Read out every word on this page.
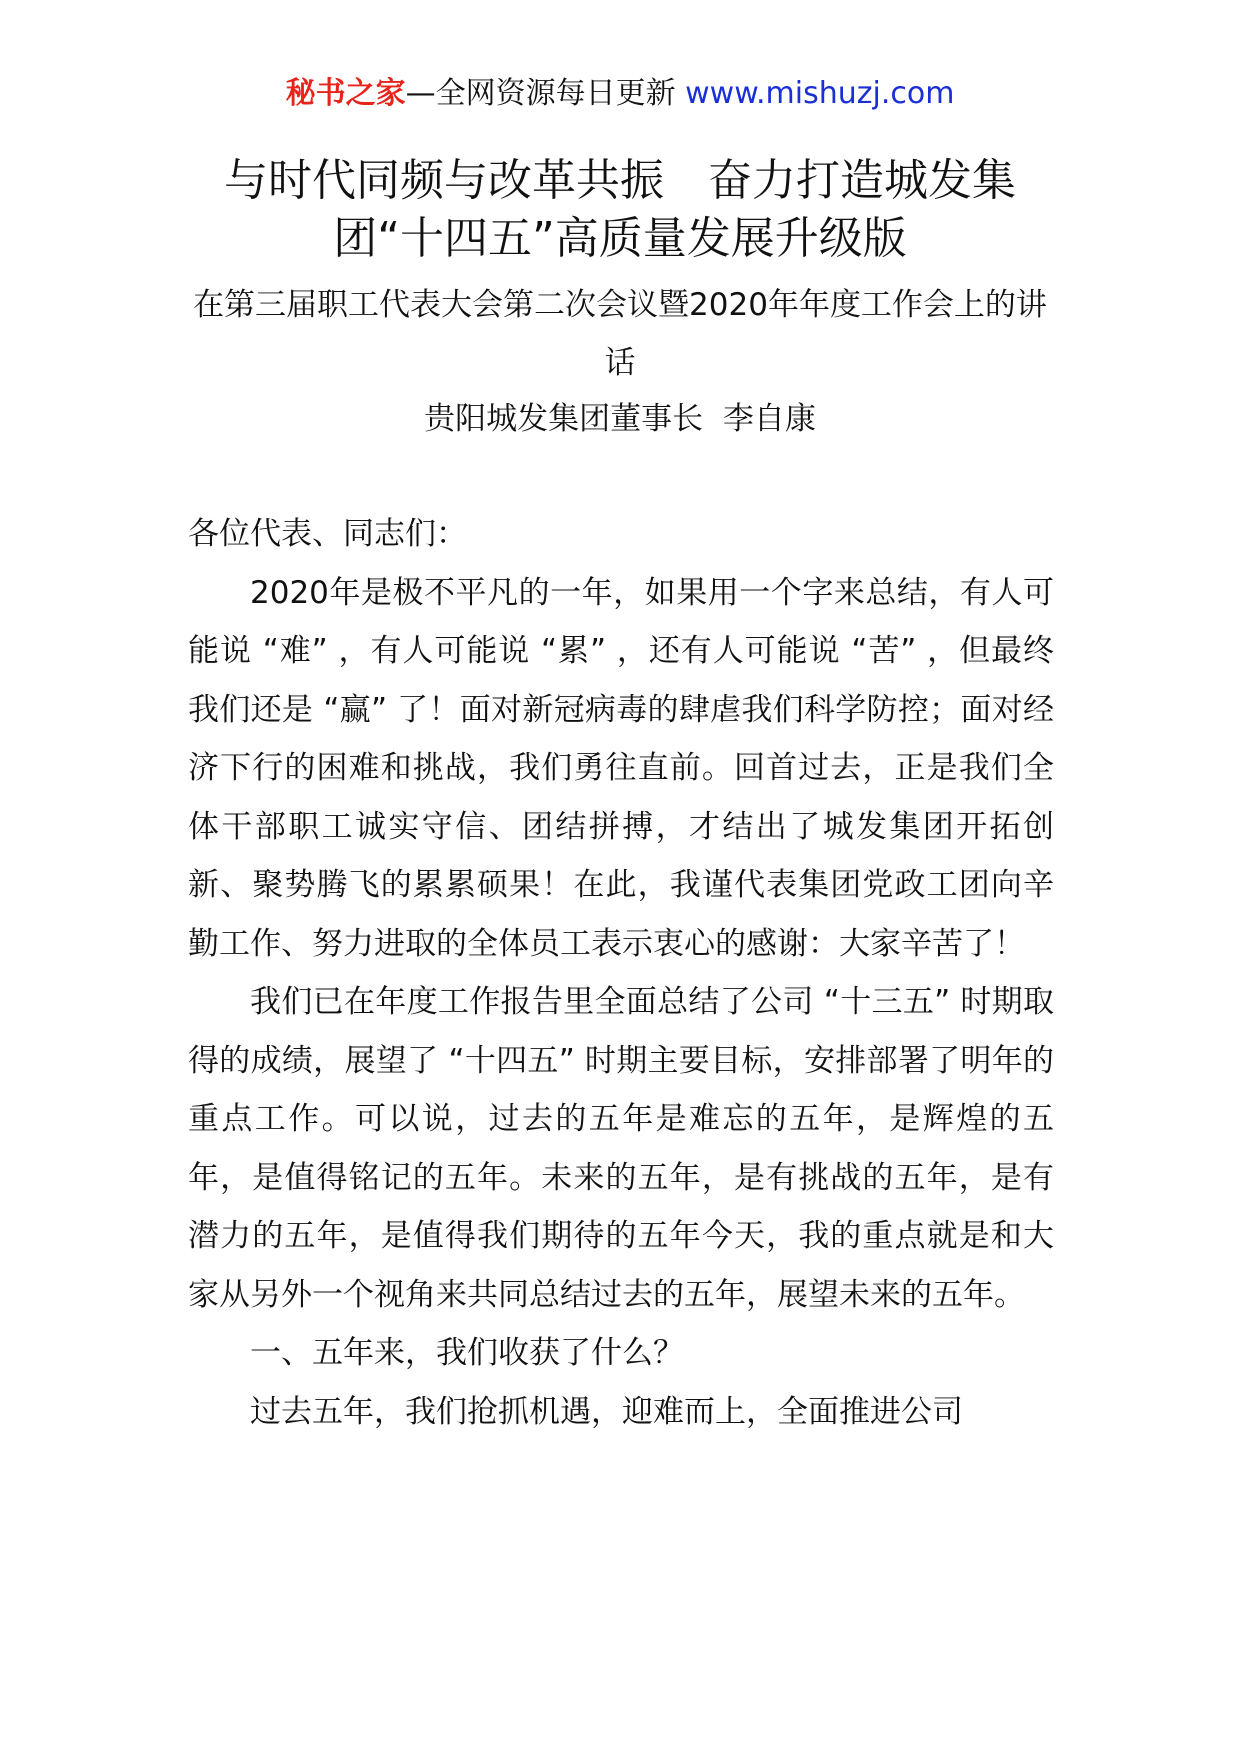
秘书之家—全网资源每日更新 www.mishuzj.com
与时代同频与改革共振　奋力打造城发集团“十四五”高质量发展升级版
在第三届职工代表大会第二次会议暨2020年年度工作会上的讲话
贵阳城发集团董事长  李自康

各位代表、同志们：

2020年是极不平凡的一年，如果用一个字来总结，有人可能说 “难” ，有人可能说 “累” ，还有人可能说 “苦” ，但最终我们还是 “赢” 了！面对新冠病毒的肆虐我们科学防控；面对经济下行的困难和挑战，我们勇往直前。回首过去，正是我们全体干部职工诚实守信、团结拼搏，才结出了城发集团开拓创新、聚势腾飞的累累硕果！在此，我谨代表集团党政工团向辛勤工作、努力进取的全体员工表示衷心的感谢：大家辛苦了！

我们已在年度工作报告里全面总结了公司 “十三五” 时期取得的成绩，展望了 “十四五” 时期主要目标，安排部署了明年的重点工作。可以说，过去的五年是难忘的五年，是辉煌的五年，是值得铭记的五年。未来的五年，是有挑战的五年，是有潜力的五年，是值得我们期待的五年今天，我的重点就是和大家从另外一个视角来共同总结过去的五年，展望未来的五年。

一、五年来，我们收获了什么？

过去五年，我们抢抓机遇，迎难而上，全面推进公司
